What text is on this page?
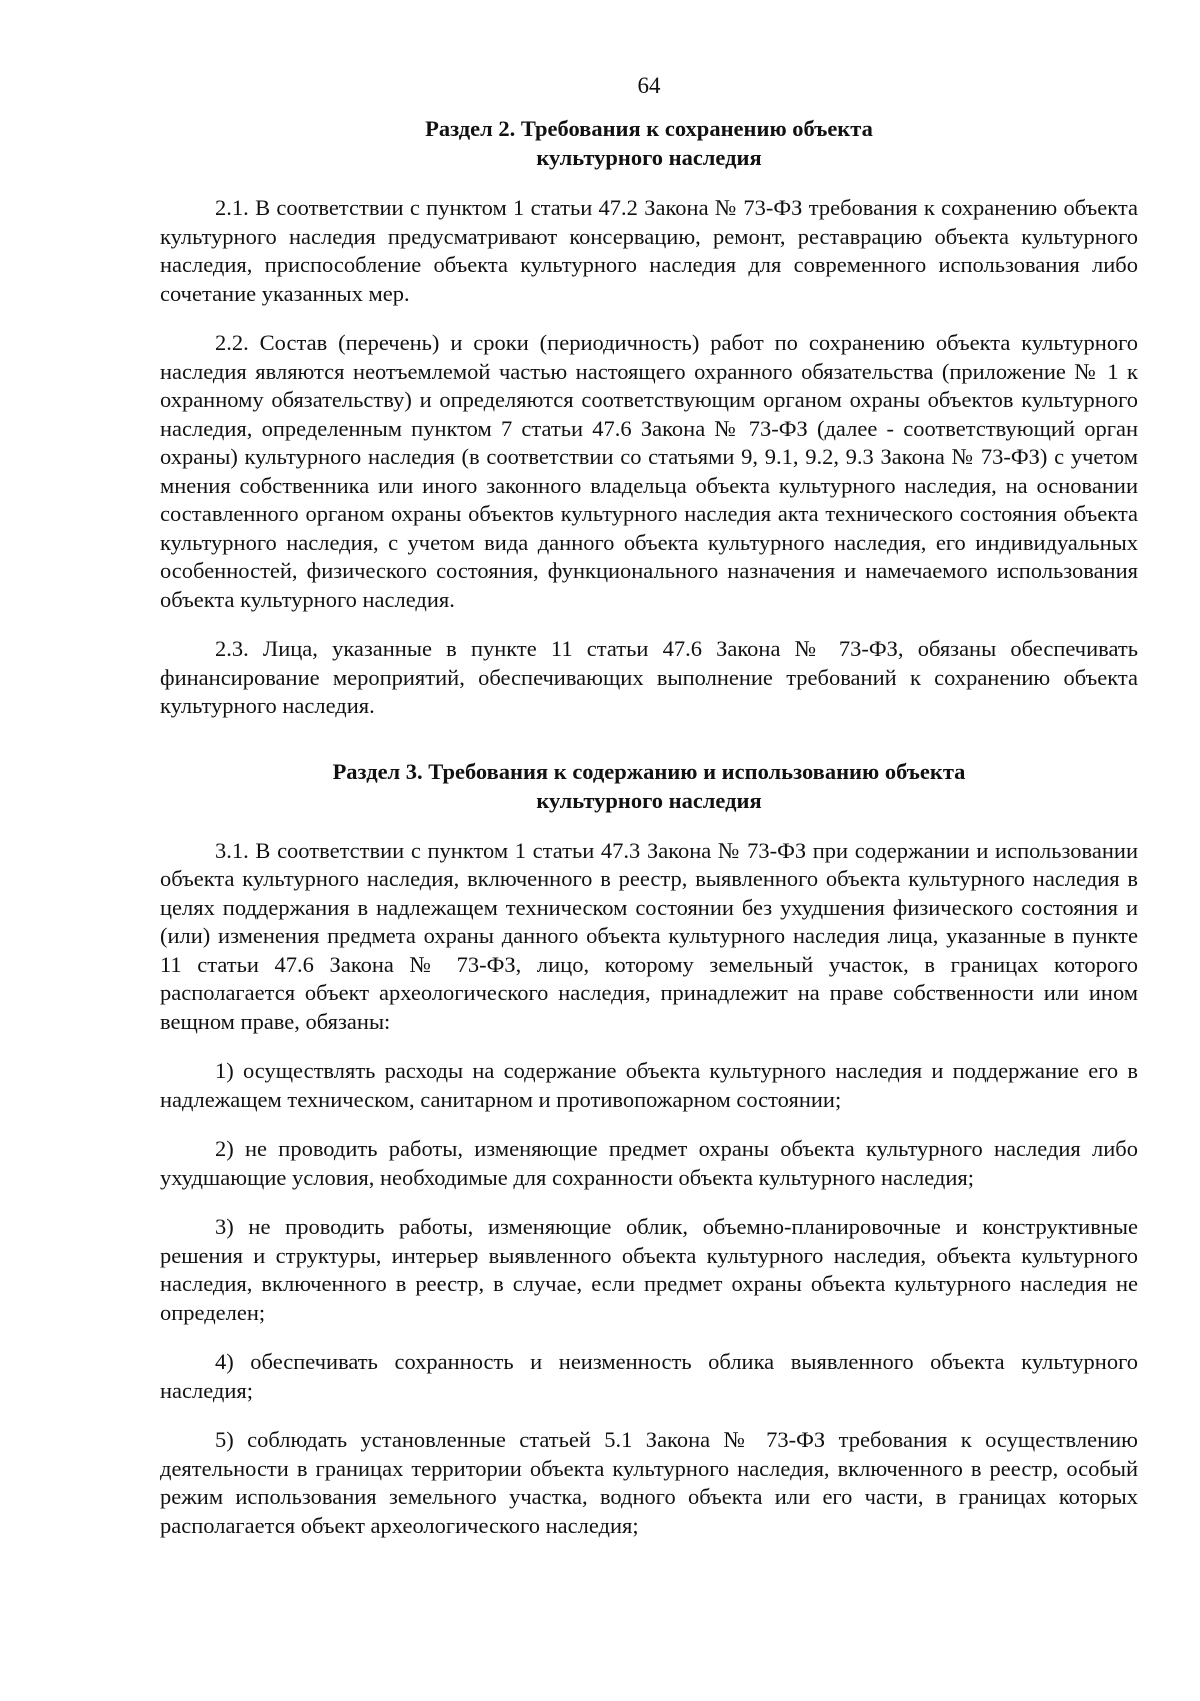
64
Раздел 2. Требования к сохранению объекта
культурного наследия

2.1. В соответствии с пунктом 1 статьи 47.2 Закона № 73-ФЗ требования к сохранению объекта культурного наследия предусматривают консервацию, ремонт, реставрацию объекта культурного наследия, приспособление объекта культурного наследия для современного использования либо сочетание указанных мер.

2.2. Состав (перечень) и сроки (периодичность) работ по сохранению объекта культурного наследия являются неотъемлемой частью настоящего охранного обязательства (приложение № 1 к охранному обязательству) и определяются соответствующим органом охраны объектов культурного наследия, определенным пунктом 7 статьи 47.6 Закона № 73-ФЗ (далее - соответствующий орган охраны) культурного наследия (в соответствии со статьями 9, 9.1, 9.2, 9.3 Закона № 73-ФЗ) с учетом мнения собственника или иного законного владельца объекта культурного наследия, на основании составленного органом охраны объектов культурного наследия акта технического состояния объекта культурного наследия, с учетом вида данного объекта культурного наследия, его индивидуальных особенностей, физического состояния, функционального назначения и намечаемого использования объекта культурного наследия.

2.3. Лица, указанные в пункте 11 статьи 47.6 Закона № 73-ФЗ, обязаны обеспечивать финансирование мероприятий, обеспечивающих выполнение требований к сохранению объекта культурного наследия.

Раздел 3. Требования к содержанию и использованию объекта
культурного наследия

3.1. В соответствии с пунктом 1 статьи 47.3 Закона № 73-ФЗ при содержании и использовании объекта культурного наследия, включенного в реестр, выявленного объекта культурного наследия в целях поддержания в надлежащем техническом состоянии без ухудшения физического состояния и (или) изменения предмета охраны данного объекта культурного наследия лица, указанные в пункте 11 статьи 47.6 Закона № 73-ФЗ, лицо, которому земельный участок, в границах которого располагается объект археологического наследия, принадлежит на праве собственности или ином вещном праве, обязаны:

1) осуществлять расходы на содержание объекта культурного наследия и поддержание его в надлежащем техническом, санитарном и противопожарном состоянии;

2) не проводить работы, изменяющие предмет охраны объекта культурного наследия либо ухудшающие условия, необходимые для сохранности объекта культурного наследия;

3) не проводить работы, изменяющие облик, объемно-планировочные и конструктивные решения и структуры, интерьер выявленного объекта культурного наследия, объекта культурного наследия, включенного в реестр, в случае, если предмет охраны объекта культурного наследия не определен;

4) обеспечивать сохранность и неизменность облика выявленного объекта культурного наследия;

5) соблюдать установленные статьей 5.1 Закона № 73-ФЗ требования к осуществлению деятельности в границах территории объекта культурного наследия, включенного в реестр, особый режим использования земельного участка, водного объекта или его части, в границах которых располагается объект археологического наследия;
